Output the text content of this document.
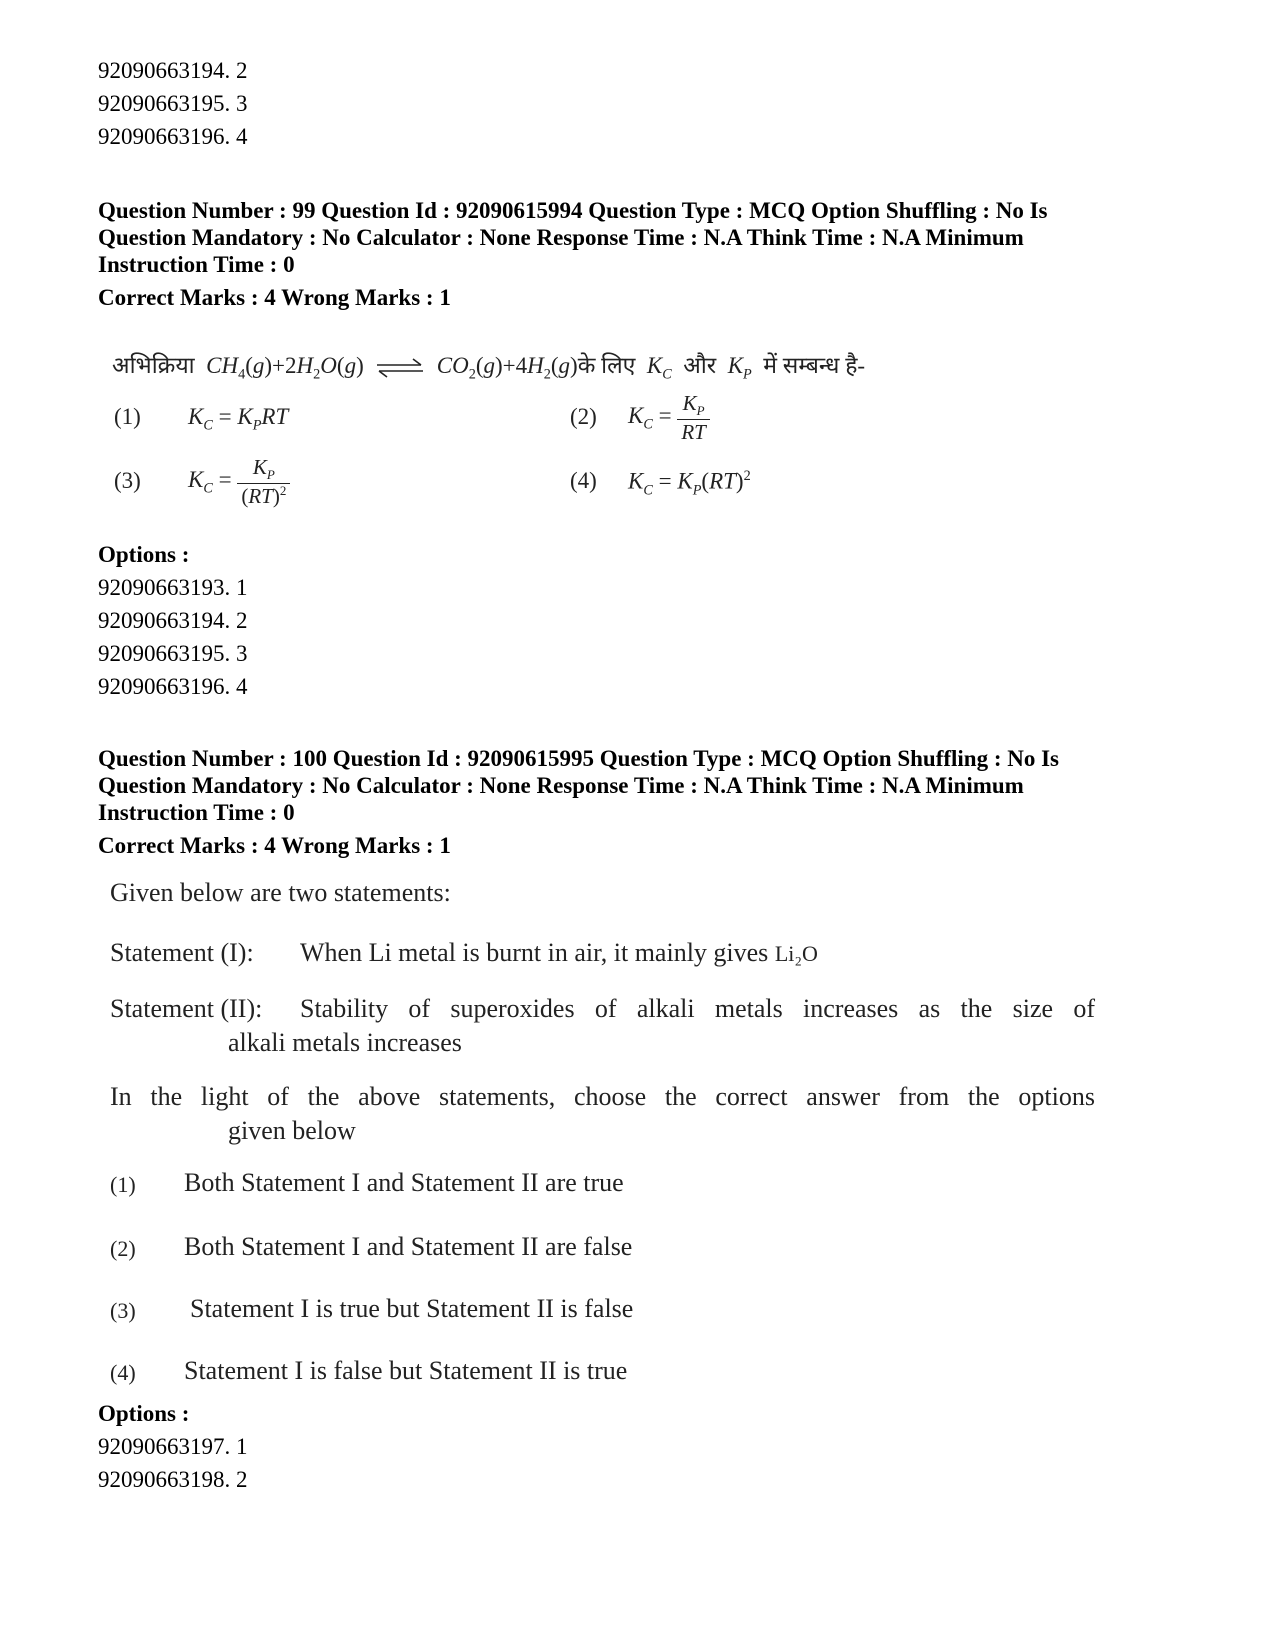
92090663194. 2
92090663195. 3
92090663196. 4
Question Number : 99 Question Id : 92090615994 Question Type : MCQ Option Shuffling : No Is
Question Mandatory : No Calculator : None Response Time : N.A Think Time : N.A Minimum
Instruction Time : 0
Correct Marks : 4 Wrong Marks : 1
अभिक्रिया  $CH_4(g)+2H_2O(g)$ ⇌ $CO_2(g)+4H_2(g)के$ लिए  $K_C$ और  $K_P$ में सम्बन्ध है-
(1) $K_C = K_PRT$	(2) $K_C = \frac{K_P}{RT}$
(3) $K_C = \frac{K_P}{(RT)^2}$	(4) $K_C = K_P(RT)^2$
Options :
92090663193. 1
92090663194. 2
92090663195. 3
92090663196. 4
Question Number : 100 Question Id : 92090615995 Question Type : MCQ Option Shuffling : No Is
Question Mandatory : No Calculator : None Response Time : N.A Think Time : N.A Minimum
Instruction Time : 0
Correct Marks : 4 Wrong Marks : 1
Given below are two statements:
Statement (I): When Li metal is burnt in air, it mainly gives Li₂O
Statement (II): Stability of superoxides of alkali metals increases as the size of
alkali metals increases
In the light of the above statements, choose the correct answer from the options
given below
(1) Both Statement I and Statement II are true
(2) Both Statement I and Statement II are false
(3) Statement I is true but Statement II is false
(4) Statement I is false but Statement II is true
Options :
92090663197. 1
92090663198. 2
